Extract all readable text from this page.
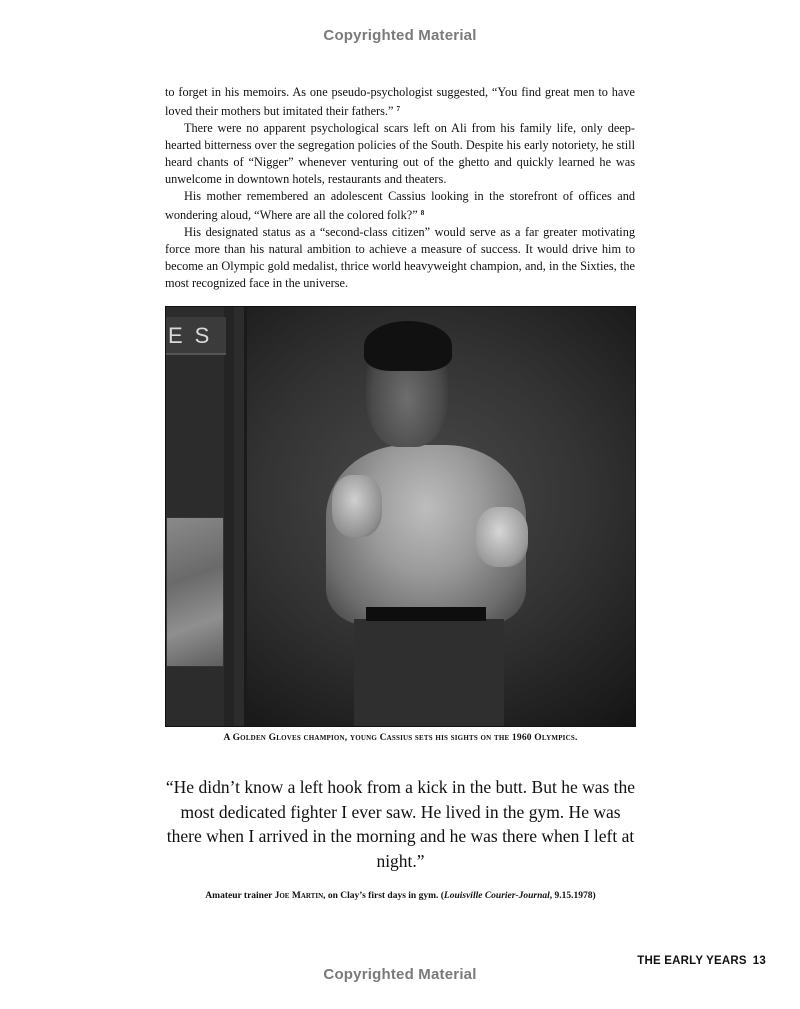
Copyrighted Material

to forget in his memoirs. As one pseudo-psychologist suggested, “You find great men to have loved their mothers but imitated their fathers.” $^7$

There were no apparent psychological scars left on Ali from his family life, only deep-hearted bitterness over the segregation policies of the South. Despite his early notoriety, he still heard chants of “Nigger” whenever venturing out of the ghetto and quickly learned he was unwelcome in downtown hotels, restaurants and theaters.

His mother remembered an adolescent Cassius looking in the storefront of offices and wondering aloud, “Where are all the colored folk?” $^8$

His designated status as a “second-class citizen” would serve as a far greater motivating force more than his natural ambition to achieve a measure of success. It would drive him to become an Olympic gold medalist, thrice world heavyweight champion, and, in the Sixties, the most recognized face in the universe.

ES
A Golden Gloves champion, young Cassius sets his sights on the 1960 Olympics.
“He didn’t know a left hook from a kick in the butt. But he was the most dedicated fighter I ever saw. He lived in the gym. He was there when I arrived in the morning and he was there when I left at night.”
Amateur trainer Joe Martin, on Clay’s first days in gym. (Louisville Courier-Journal, 9.15.1978)
THE EARLY YEARS 13
Copyrighted Material
